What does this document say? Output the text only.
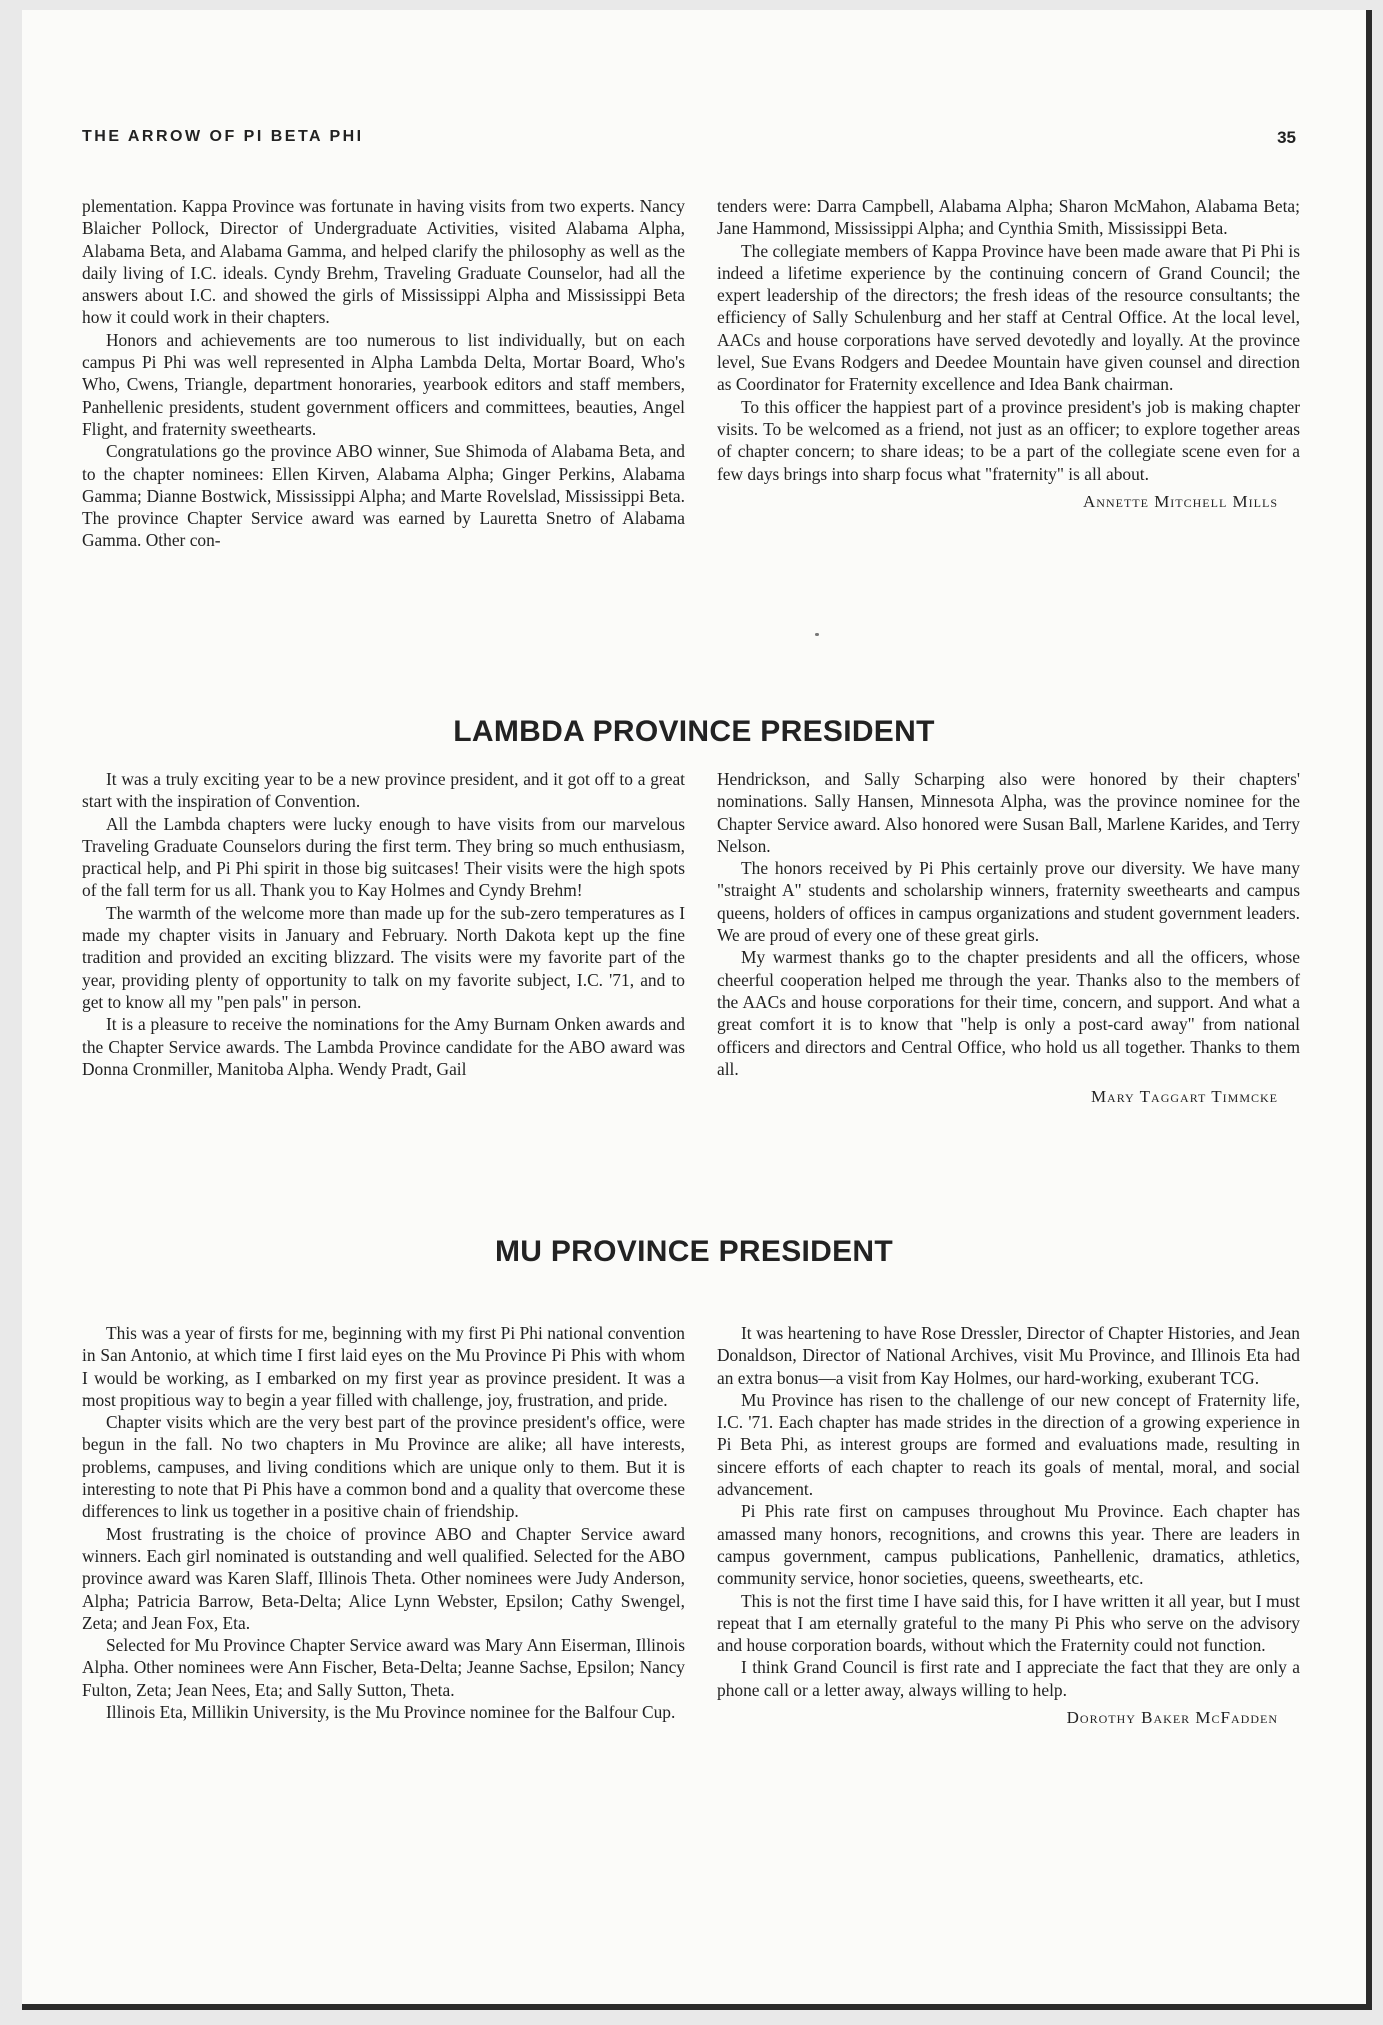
THE ARROW OF PI BETA PHI	35

plementation. Kappa Province was fortunate in having visits from two experts. Nancy Blaicher Pollock, Director of Undergraduate Activities, visited Alabama Alpha, Alabama Beta, and Alabama Gamma, and helped clarify the philosophy as well as the daily living of I.C. ideals. Cyndy Brehm, Traveling Graduate Counselor, had all the answers about I.C. and showed the girls of Mississippi Alpha and Mississippi Beta how it could work in their chapters.

Honors and achievements are too numerous to list individually, but on each campus Pi Phi was well represented in Alpha Lambda Delta, Mortar Board, Who's Who, Cwens, Triangle, department honoraries, yearbook editors and staff members, Panhellenic presidents, student government officers and committees, beauties, Angel Flight, and fraternity sweethearts.

Congratulations go the province ABO winner, Sue Shimoda of Alabama Beta, and to the chapter nominees: Ellen Kirven, Alabama Alpha; Ginger Perkins, Alabama Gamma; Dianne Bostwick, Mississippi Alpha; and Marte Rovelslad, Mississippi Beta. The province Chapter Service award was earned by Lauretta Snetro of Alabama Gamma. Other con-

tenders were: Darra Campbell, Alabama Alpha; Sharon McMahon, Alabama Beta; Jane Hammond, Mississippi Alpha; and Cynthia Smith, Mississippi Beta.

The collegiate members of Kappa Province have been made aware that Pi Phi is indeed a lifetime experience by the continuing concern of Grand Council; the expert leadership of the directors; the fresh ideas of the resource consultants; the efficiency of Sally Schulenburg and her staff at Central Office. At the local level, AACs and house corporations have served devotedly and loyally. At the province level, Sue Evans Rodgers and Deedee Mountain have given counsel and direction as Coordinator for Fraternity excellence and Idea Bank chairman.

To this officer the happiest part of a province president's job is making chapter visits. To be welcomed as a friend, not just as an officer; to explore together areas of chapter concern; to share ideas; to be a part of the collegiate scene even for a few days brings into sharp focus what "fraternity" is all about.

Annette Mitchell Mills
LAMBDA PROVINCE PRESIDENT

It was a truly exciting year to be a new province president, and it got off to a great start with the inspiration of Convention.

All the Lambda chapters were lucky enough to have visits from our marvelous Traveling Graduate Counselors during the first term. They bring so much enthusiasm, practical help, and Pi Phi spirit in those big suitcases! Their visits were the high spots of the fall term for us all. Thank you to Kay Holmes and Cyndy Brehm!

The warmth of the welcome more than made up for the sub-zero temperatures as I made my chapter visits in January and February. North Dakota kept up the fine tradition and provided an exciting blizzard. The visits were my favorite part of the year, providing plenty of opportunity to talk on my favorite subject, I.C. '71, and to get to know all my "pen pals" in person.

It is a pleasure to receive the nominations for the Amy Burnam Onken awards and the Chapter Service awards. The Lambda Province candidate for the ABO award was Donna Cronmiller, Manitoba Alpha. Wendy Pradt, Gail

Hendrickson, and Sally Scharping also were honored by their chapters' nominations. Sally Hansen, Minnesota Alpha, was the province nominee for the Chapter Service award. Also honored were Susan Ball, Marlene Karides, and Terry Nelson.

The honors received by Pi Phis certainly prove our diversity. We have many "straight A" students and scholarship winners, fraternity sweethearts and campus queens, holders of offices in campus organizations and student government leaders. We are proud of every one of these great girls.

My warmest thanks go to the chapter presidents and all the officers, whose cheerful cooperation helped me through the year. Thanks also to the members of the AACs and house corporations for their time, concern, and support. And what a great comfort it is to know that "help is only a post-card away" from national officers and directors and Central Office, who hold us all together. Thanks to them all.

Mary Taggart Timmcke
MU PROVINCE PRESIDENT

This was a year of firsts for me, beginning with my first Pi Phi national convention in San Antonio, at which time I first laid eyes on the Mu Province Pi Phis with whom I would be working, as I embarked on my first year as province president. It was a most propitious way to begin a year filled with challenge, joy, frustration, and pride.

Chapter visits which are the very best part of the province president's office, were begun in the fall. No two chapters in Mu Province are alike; all have interests, problems, campuses, and living conditions which are unique only to them. But it is interesting to note that Pi Phis have a common bond and a quality that overcome these differences to link us together in a positive chain of friendship.

Most frustrating is the choice of province ABO and Chapter Service award winners. Each girl nominated is outstanding and well qualified. Selected for the ABO province award was Karen Slaff, Illinois Theta. Other nominees were Judy Anderson, Alpha; Patricia Barrow, Beta-Delta; Alice Lynn Webster, Epsilon; Cathy Swengel, Zeta; and Jean Fox, Eta.

Selected for Mu Province Chapter Service award was Mary Ann Eiserman, Illinois Alpha. Other nominees were Ann Fischer, Beta-Delta; Jeanne Sachse, Epsilon; Nancy Fulton, Zeta; Jean Nees, Eta; and Sally Sutton, Theta.

Illinois Eta, Millikin University, is the Mu Province nominee for the Balfour Cup.

It was heartening to have Rose Dressler, Director of Chapter Histories, and Jean Donaldson, Director of National Archives, visit Mu Province, and Illinois Eta had an extra bonus—a visit from Kay Holmes, our hard-working, exuberant TCG.

Mu Province has risen to the challenge of our new concept of Fraternity life, I.C. '71. Each chapter has made strides in the direction of a growing experience in Pi Beta Phi, as interest groups are formed and evaluations made, resulting in sincere efforts of each chapter to reach its goals of mental, moral, and social advancement.

Pi Phis rate first on campuses throughout Mu Province. Each chapter has amassed many honors, recognitions, and crowns this year. There are leaders in campus government, campus publications, Panhellenic, dramatics, athletics, community service, honor societies, queens, sweethearts, etc.

This is not the first time I have said this, for I have written it all year, but I must repeat that I am eternally grateful to the many Pi Phis who serve on the advisory and house corporation boards, without which the Fraternity could not function.

I think Grand Council is first rate and I appreciate the fact that they are only a phone call or a letter away, always willing to help.

Dorothy Baker McFadden
